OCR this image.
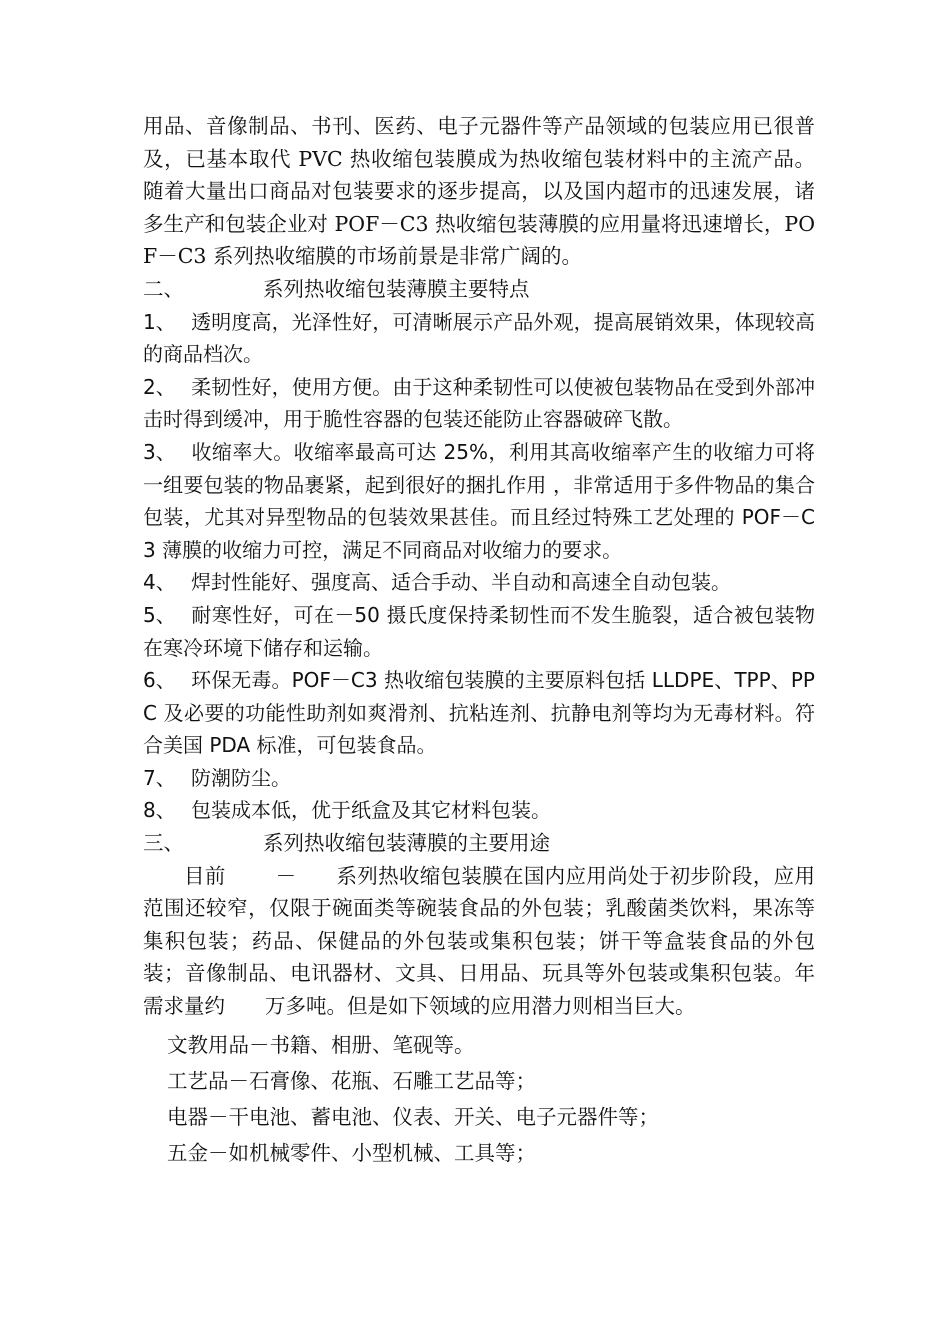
用品、音像制品、书刊、医药、电子元器件等产品领域的包装应用已很普及，已基本取代 PVC 热收缩包装膜成为热收缩包装材料中的主流产品。随着大量出口商品对包装要求的逐步提高，以及国内超市的迅速发展，诸多生产和包装企业对 POF－C3 热收缩包装薄膜的应用量将迅速增长，POF－C3 系列热收缩膜的市场前景是非常广阔的。

二、	系列热收缩包装薄膜主要特点

1、 透明度高，光泽性好，可清晰展示产品外观，提高展销效果，体现较高的商品档次。

2、 柔韧性好，使用方便。由于这种柔韧性可以使被包装物品在受到外部冲击时得到缓冲，用于脆性容器的包装还能防止容器破碎飞散。

3、 收缩率大。收缩率最高可达 25%，利用其高收缩率产生的收缩力可将一组要包装的物品裹紧，起到很好的捆扎作用 ，非常适用于多件物品的集合包装，尤其对异型物品的包装效果甚佳。而且经过特殊工艺处理的 POF－C3 薄膜的收缩力可控，满足不同商品对收缩力的要求。

4、 焊封性能好、强度高、适合手动、半自动和高速全自动包装。

5、 耐寒性好，可在－50 摄氏度保持柔韧性而不发生脆裂，适合被包装物在寒冷环境下储存和运输。

6、 环保无毒。POF－C3 热收缩包装膜的主要原料包括 LLDPE、TPP、PPC 及必要的功能性助剂如爽滑剂、抗粘连剂、抗静电剂等均为无毒材料。符合美国 PDA 标准，可包装食品。

7、 防潮防尘。

8、 包装成本低，优于纸盒及其它材料包装。

三、	系列热收缩包装薄膜的主要用途

目前 － 系列热收缩包装膜在国内应用尚处于初步阶段，应用范围还较窄，仅限于碗面类等碗装食品的外包装；乳酸菌类饮料，果冻等集积包装；药品、保健品的外包装或集积包装；饼干等盒装食品的外包装；音像制品、电讯器材、文具、日用品、玩具等外包装或集积包装。年需求量约 万多吨。但是如下领域的应用潜力则相当巨大。

文教用品－书籍、相册、笔砚等。

工艺品－石膏像、花瓶、石雕工艺品等；

电器－干电池、蓄电池、仪表、开关、电子元器件等；

五金－如机械零件、小型机械、工具等；
